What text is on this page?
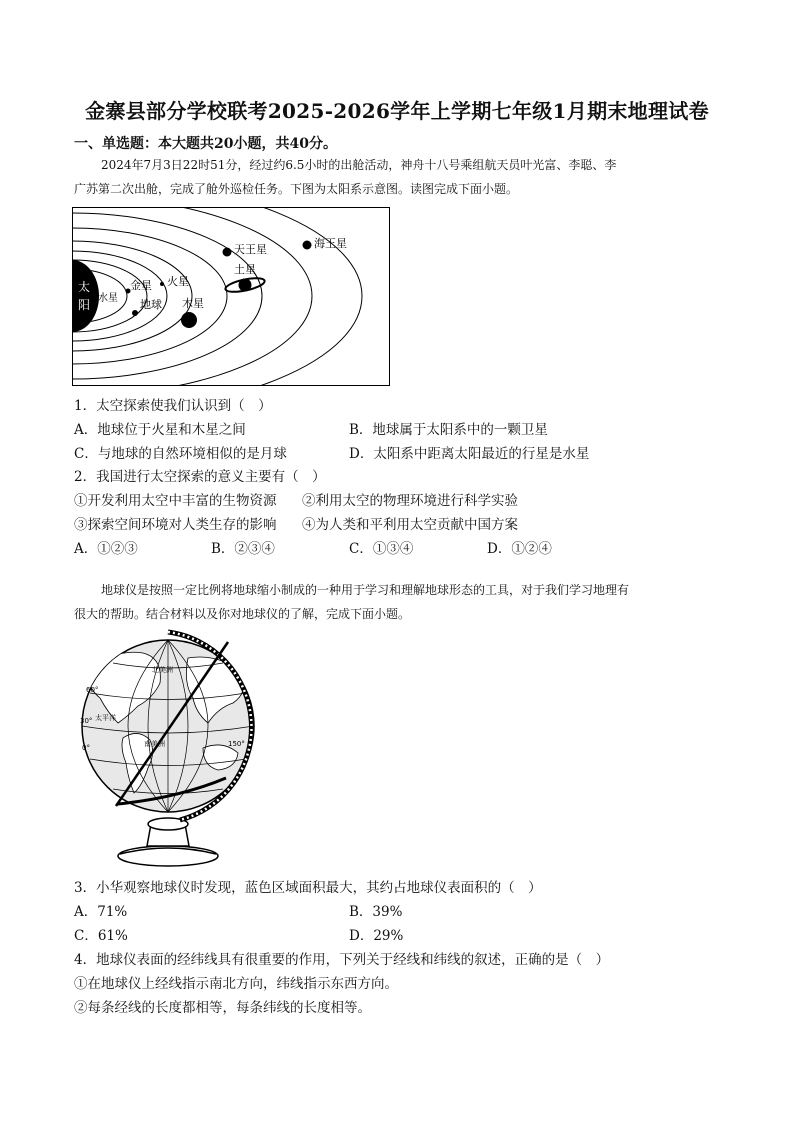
金寨县部分学校联考2025-2026学年上学期七年级1月期末地理试卷
一、单选题：本大题共20小题，共40分。
2024年7月3日22时51分，经过约6.5小时的出舱活动，神舟十八号乘组航天员叶光富、李聪、李
广苏第二次出舱，完成了舱外巡检任务。下图为太阳系示意图。读图完成下面小题。
太
阳 水星
金星
地球
火星
木星
土星
天王星	海王星
1．太空探索使我们认识到（　）
A．地球位于火星和木星之间	B．地球属于太阳系中的一颗卫星
C．与地球的自然环境相似的是月球	D．太阳系中距离太阳最近的行星是水星
2．我国进行太空探索的意义主要有（　）
①开发利用太空中丰富的生物资源 ②利用太空的物理环境进行科学实验
③探索空间环境对人类生存的影响 ④为人类和平利用太空贡献中国方案
A．①②③	B．②③④	C．①③④	D．①②④
地球仪是按照一定比例将地球缩小制成的一种用于学习和理解地球形态的工具，对于我们学习地理有
很大的帮助。结合材料以及你对地球仪的了解，完成下面小题。
北美洲
太平洋
南美洲
60°
30°
0°	150°
3．小华观察地球仪时发现，蓝色区域面积最大，其约占地球仪表面积的（　）
A．71%	B．39%
C．61%	D．29%
4．地球仪表面的经纬线具有很重要的作用，下列关于经线和纬线的叙述，正确的是（　）
①在地球仪上经线指示南北方向，纬线指示东西方向。
②每条经线的长度都相等，每条纬线的长度相等。
